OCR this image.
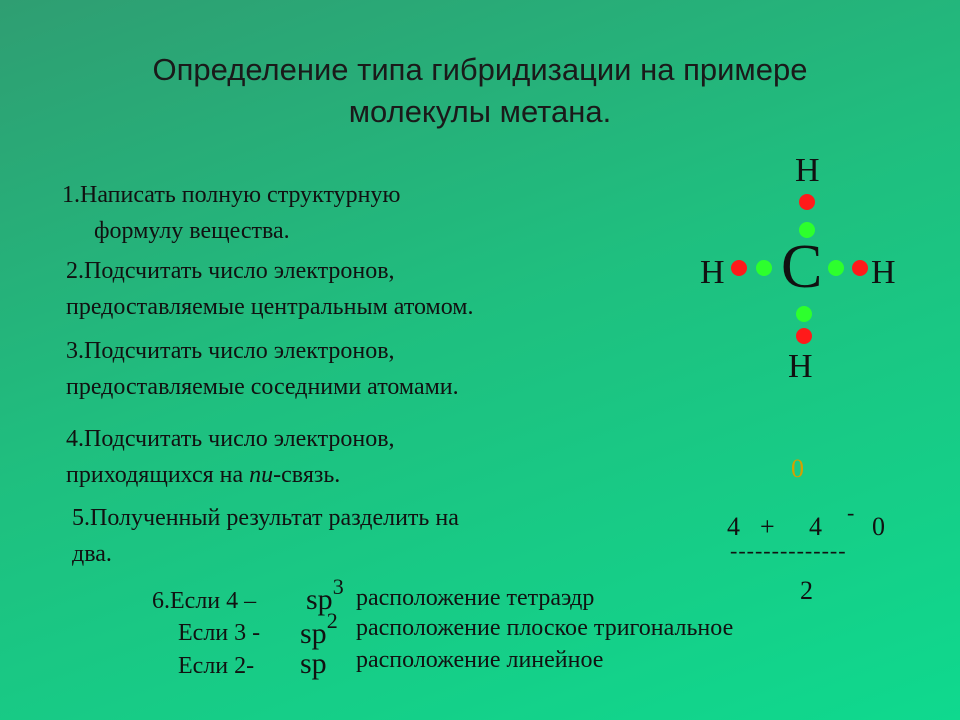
Определение типа гибридизации на примере
молекулы метана.
1.Написать полную структурную
формулу вещества.
2.Подсчитать число электронов,
предоставляемые центральным атомом.
3.Подсчитать число электронов,
предоставляемые соседними атомами.
4.Подсчитать число электронов,
приходящихся на пи-связь.
5.Полученный результат разделить на
два.
6.Если $4 - sp^3$ расположение тетраэдр
Если $3 - sp^2$ расположение плоское тригональное
Если 2- sp расположение линейное
H
H C H
H
0
4 + 4 - 0
--------------
2
